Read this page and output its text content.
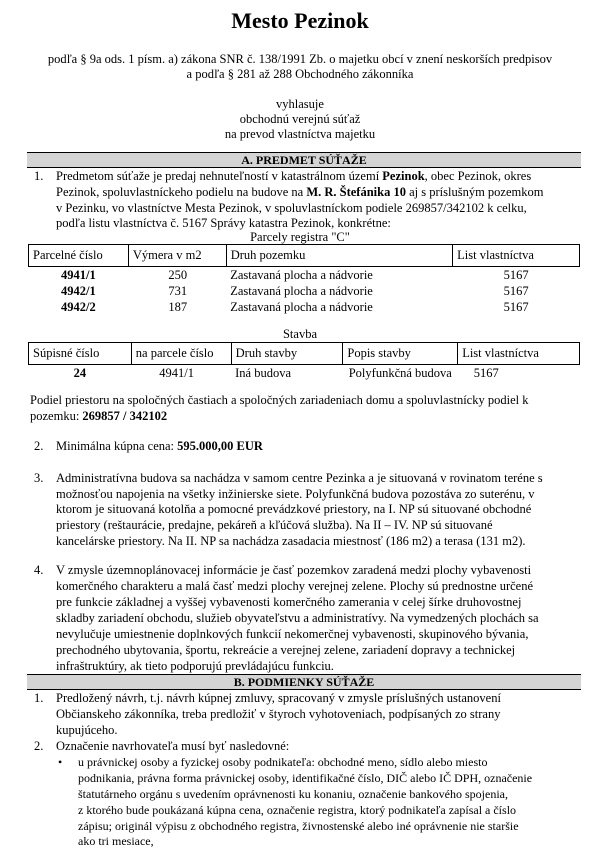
Mesto Pezinok
podľa § 9a ods. 1 písm. a) zákona SNR č. 138/1991 Zb. o majetku obcí v znení neskorších predpisov
a podľa § 281 až 288 Obchodného zákonníka
vyhlasuje
obchodnú verejnú súťaž
na prevod vlastníctva majetku
A. PREDMET SÚŤAŽE
1. Predmetom súťaže je predaj nehnuteľností v katastrálnom území Pezinok, obec Pezinok, okres
Pezinok, spoluvlastníckeho podielu na budove na M. R. Štefánika 10 aj s príslušným pozemkom
v Pezinku, vo vlastníctve Mesta Pezinok, v spoluvlastníckom podiele 269857/342102 k celku,
podľa listu vlastníctva č. 5167 Správy katastra Pezinok, konkrétne:
Parcely registra "C"
Parcelné číslo	Výmera v m2	Druh pozemku	List vlastníctva
4941/1	250	Zastavaná plocha a nádvorie	5167
4942/1	731	Zastavaná plocha a nádvorie	5167
4942/2	187	Zastavaná plocha a nádvorie	5167
Stavba
Súpisné číslo	na parcele číslo	Druh stavby	Popis stavby	List vlastníctva
24	4941/1	Iná budova	Polyfunkčná budova	5167
Podiel priestoru na spoločných častiach a spoločných zariadeniach domu a spoluvlastnícky podiel k
pozemku: 269857 / 342102
2. Minimálna kúpna cena: 595.000,00 EUR
3. Administratívna budova sa nachádza v samom centre Pezinka a je situovaná v rovinatom teréne s
možnosťou napojenia na všetky inžinierske siete. Polyfunkčná budova pozostáva zo suterénu, v
ktorom je situovaná kotolňa a pomocné prevádzkové priestory, na I. NP sú situované obchodné
priestory (reštaurácie, predajne, pekáreň a kľúčová služba). Na II – IV. NP sú situované
kancelárske priestory. Na II. NP sa nachádza zasadacia miestnosť (186 m2) a terasa (131 m2).
4. V zmysle územnoplánovacej informácie je časť pozemkov zaradená medzi plochy vybavenosti
komerčného charakteru a malá časť medzi plochy verejnej zelene. Plochy sú prednostne určené
pre funkcie základnej a vyššej vybavenosti komerčného zamerania v celej šírke druhovostnej
skladby zariadení obchodu, služieb obyvateľstvu a administratívy. Na vymedzených plochách sa
nevylučuje umiestnenie doplnkových funkcií nekomerčnej vybavenosti, skupinového bývania,
prechodného ubytovania, športu, rekreácie a verejnej zelene, zariadení dopravy a technickej
infraštruktúry, ak tieto podporujú prevládajúcu funkciu.
B. PODMIENKY SÚŤAŽE
1. Predložený návrh, t.j. návrh kúpnej zmluvy, spracovaný v zmysle príslušných ustanovení
Občianskeho zákonníka, treba predložiť v štyroch vyhotoveniach, podpísaných zo strany
kupujúceho.
2. Označenie navrhovateľa musí byť nasledovné:
• u právnickej osoby a fyzickej osoby podnikateľa: obchodné meno, sídlo alebo miesto
podnikania, právna forma právnickej osoby, identifikačné číslo, DIČ alebo IČ DPH, označenie
štatutárneho orgánu s uvedením oprávnenosti ku konaniu, označenie bankového spojenia,
z ktorého bude poukázaná kúpna cena, označenie registra, ktorý podnikateľa zapísal a číslo
zápisu; originál výpisu z obchodného registra, živnostenské alebo iné oprávnenie nie staršie
ako tri mesiace,
